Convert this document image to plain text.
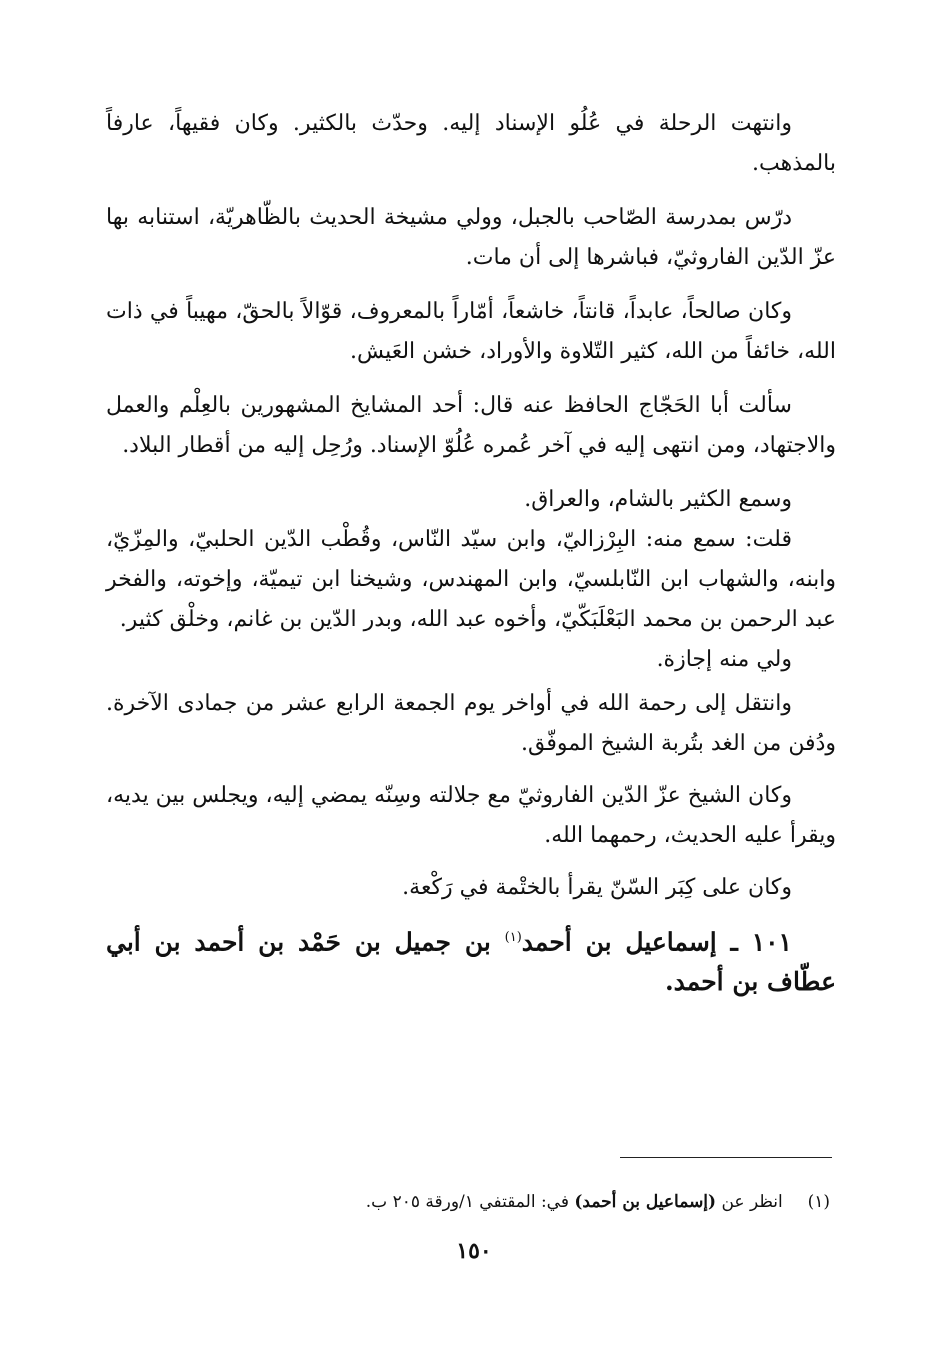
وانتهت الرحلة في عُلُو الإسناد إليه. وحدّث بالكثير. وكان فقيهاً، عارفاً بالمذهب.

درّس بمدرسة الصّاحب بالجبل، وولي مشيخة الحديث بالظّاهريّة، استنابه بها عزّ الدّين الفاروثيّ، فباشرها إلى أن مات.

وكان صالحاً، عابداً، قانتاً، خاشعاً، أمّاراً بالمعروف، قوّالاً بالحقّ، مهيباً في ذات الله، خائفاً من الله، كثير التّلاوة والأوراد، خشن العَيش.

سألت أبا الحَجّاج الحافظ عنه قال: أحد المشايخ المشهورين بالعِلْم والعمل والاجتهاد، ومن انتهى إليه في آخر عُمره عُلُوّ الإسناد. ورُحِل إليه من أقطار البلاد.

وسمع الكثير بالشام، والعراق.

قلت: سمع منه: البِرْزاليّ، وابن سيّد النّاس، وقُطْب الدّين الحلبيّ، والمِزّيّ، وابنه، والشهاب ابن النّابلسيّ، وابن المهندس، وشيخنا ابن تيميّة، وإخوته، والفخر عبد الرحمن بن محمد البَعْلَبَكّيّ، وأخوه عبد الله، وبدر الدّين بن غانم، وخلْق كثير.

ولي منه إجازة.

وانتقل إلى رحمة الله في أواخر يوم الجمعة الرابع عشر من جمادى الآخرة. ودُفن من الغد بتُربة الشيخ الموفّق.

وكان الشيخ عزّ الدّين الفاروثيّ مع جلالته وسِنّه يمضي إليه، ويجلس بين يديه، ويقرأ عليه الحديث، رحمهما الله.

وكان على كِبَر السّنّ يقرأ بالختْمة في رَكْعة.

١٠١ ـ إسماعيل بن أحمد$^{(١)}$ بن جميل بن حَمْد بن أحمد بن أبي عطّاف بن أحمد.

(١)  انظر عن (إسماعيل بن أحمد) في: المقتفي ١/ورقة ٢٠٥ ب.
١٥٠
